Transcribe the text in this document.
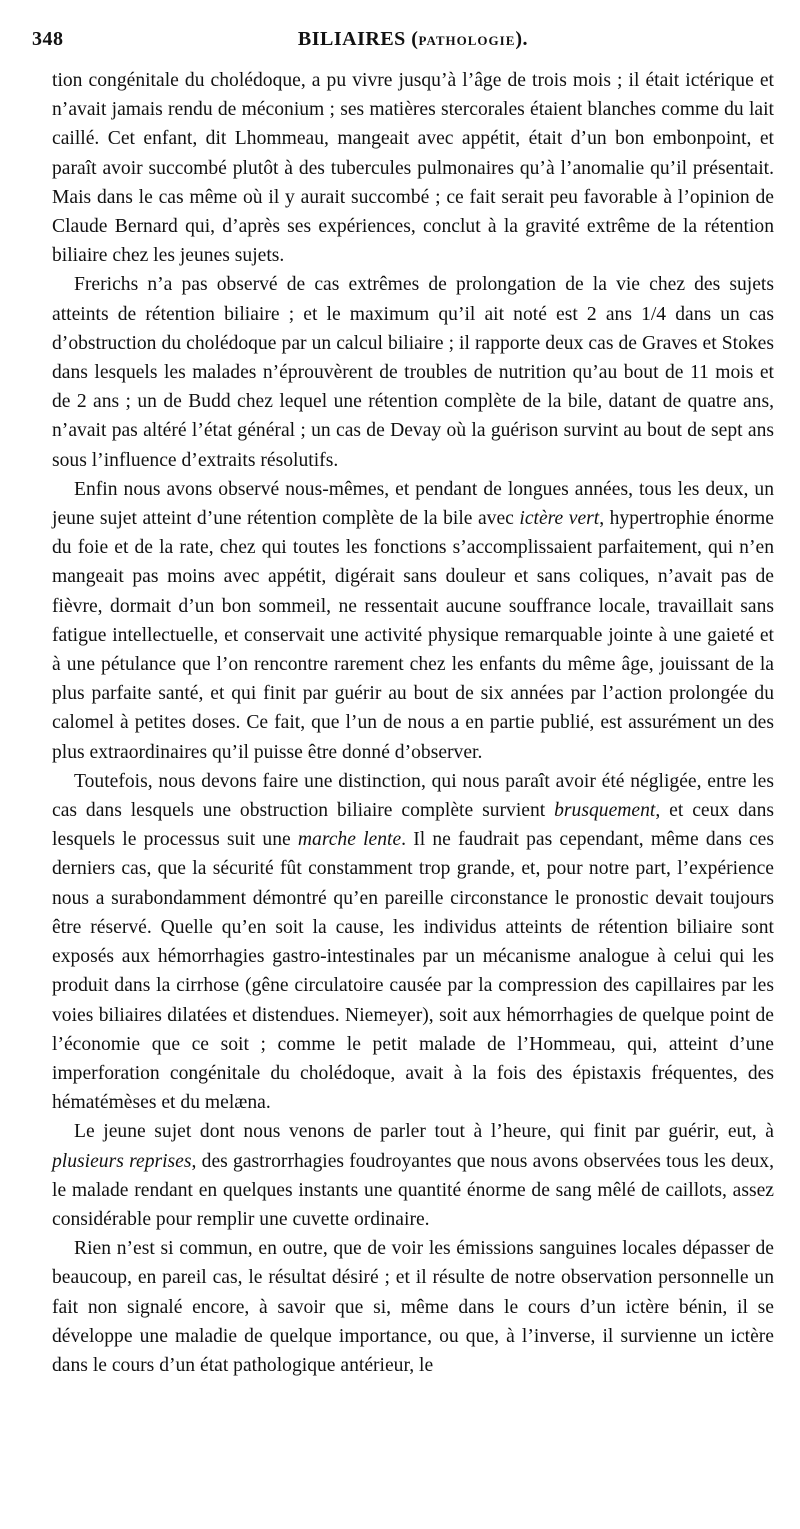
348	BILIAIRES (PATHOLOGIE).

tion congénitale du cholédoque, a pu vivre jusqu’à l’âge de trois mois ; il était ictérique et n’avait jamais rendu de méconium ; ses matières stercorales étaient blanches comme du lait caillé. Cet enfant, dit Lhommeau, mangeait avec appétit, était d’un bon embonpoint, et paraît avoir succombé plutôt à des tubercules pulmonaires qu’à l’anomalie qu’il présentait. Mais dans le cas même où il y aurait succombé ; ce fait serait peu favorable à l’opinion de Claude Bernard qui, d’après ses expériences, conclut à la gravité extrême de la rétention biliaire chez les jeunes sujets.

Frerichs n’a pas observé de cas extrêmes de prolongation de la vie chez des sujets atteints de rétention biliaire ; et le maximum qu’il ait noté est 2 ans 1/4 dans un cas d’obstruction du cholédoque par un calcul biliaire ; il rapporte deux cas de Graves et Stokes dans lesquels les malades n’éprouvèrent de troubles de nutrition qu’au bout de 11 mois et de 2 ans ; un de Budd chez lequel une rétention complète de la bile, datant de quatre ans, n’avait pas altéré l’état général ; un cas de Devay où la guérison survint au bout de sept ans sous l’influence d’extraits résolutifs.

Enfin nous avons observé nous-mêmes, et pendant de longues années, tous les deux, un jeune sujet atteint d’une rétention complète de la bile avec ictère vert, hypertrophie énorme du foie et de la rate, chez qui toutes les fonctions s’accomplissaient parfaitement, qui n’en mangeait pas moins avec appétit, digérait sans douleur et sans coliques, n’avait pas de fièvre, dormait d’un bon sommeil, ne ressentait aucune souffrance locale, travaillait sans fatigue intellectuelle, et conservait une activité physique remarquable jointe à une gaieté et à une pétulance que l’on rencontre rarement chez les enfants du même âge, jouissant de la plus parfaite santé, et qui finit par guérir au bout de six années par l’action prolongée du calomel à petites doses. Ce fait, que l’un de nous a en partie publié, est assurément un des plus extraordinaires qu’il puisse être donné d’observer.

Toutefois, nous devons faire une distinction, qui nous paraît avoir été négligée, entre les cas dans lesquels une obstruction biliaire complète survient brusquement, et ceux dans lesquels le processus suit une marche lente. Il ne faudrait pas cependant, même dans ces derniers cas, que la sécurité fût constamment trop grande, et, pour notre part, l’expérience nous a surabondamment démontré qu’en pareille circonstance le pronostic devait toujours être réservé. Quelle qu’en soit la cause, les individus atteints de rétention biliaire sont exposés aux hémorrhagies gastro-intestinales par un mécanisme analogue à celui qui les produit dans la cirrhose (gêne circulatoire causée par la compression des capillaires par les voies biliaires dilatées et distendues. Niemeyer), soit aux hémorrhagies de quelque point de l’économie que ce soit ; comme le petit malade de l’Hommeau, qui, atteint d’une imperforation congénitale du cholédoque, avait à la fois des épistaxis fréquentes, des hématémèses et du melæna.

Le jeune sujet dont nous venons de parler tout à l’heure, qui finit par guérir, eut, à plusieurs reprises, des gastrorrhagies foudroyantes que nous avons observées tous les deux, le malade rendant en quelques instants une quantité énorme de sang mêlé de caillots, assez considérable pour remplir une cuvette ordinaire.

Rien n’est si commun, en outre, que de voir les émissions sanguines locales dépasser de beaucoup, en pareil cas, le résultat désiré ; et il résulte de notre observation personnelle un fait non signalé encore, à savoir que si, même dans le cours d’un ictère bénin, il se développe une maladie de quelque importance, ou que, à l’inverse, il survienne un ictère dans le cours d’un état pathologique antérieur, le
